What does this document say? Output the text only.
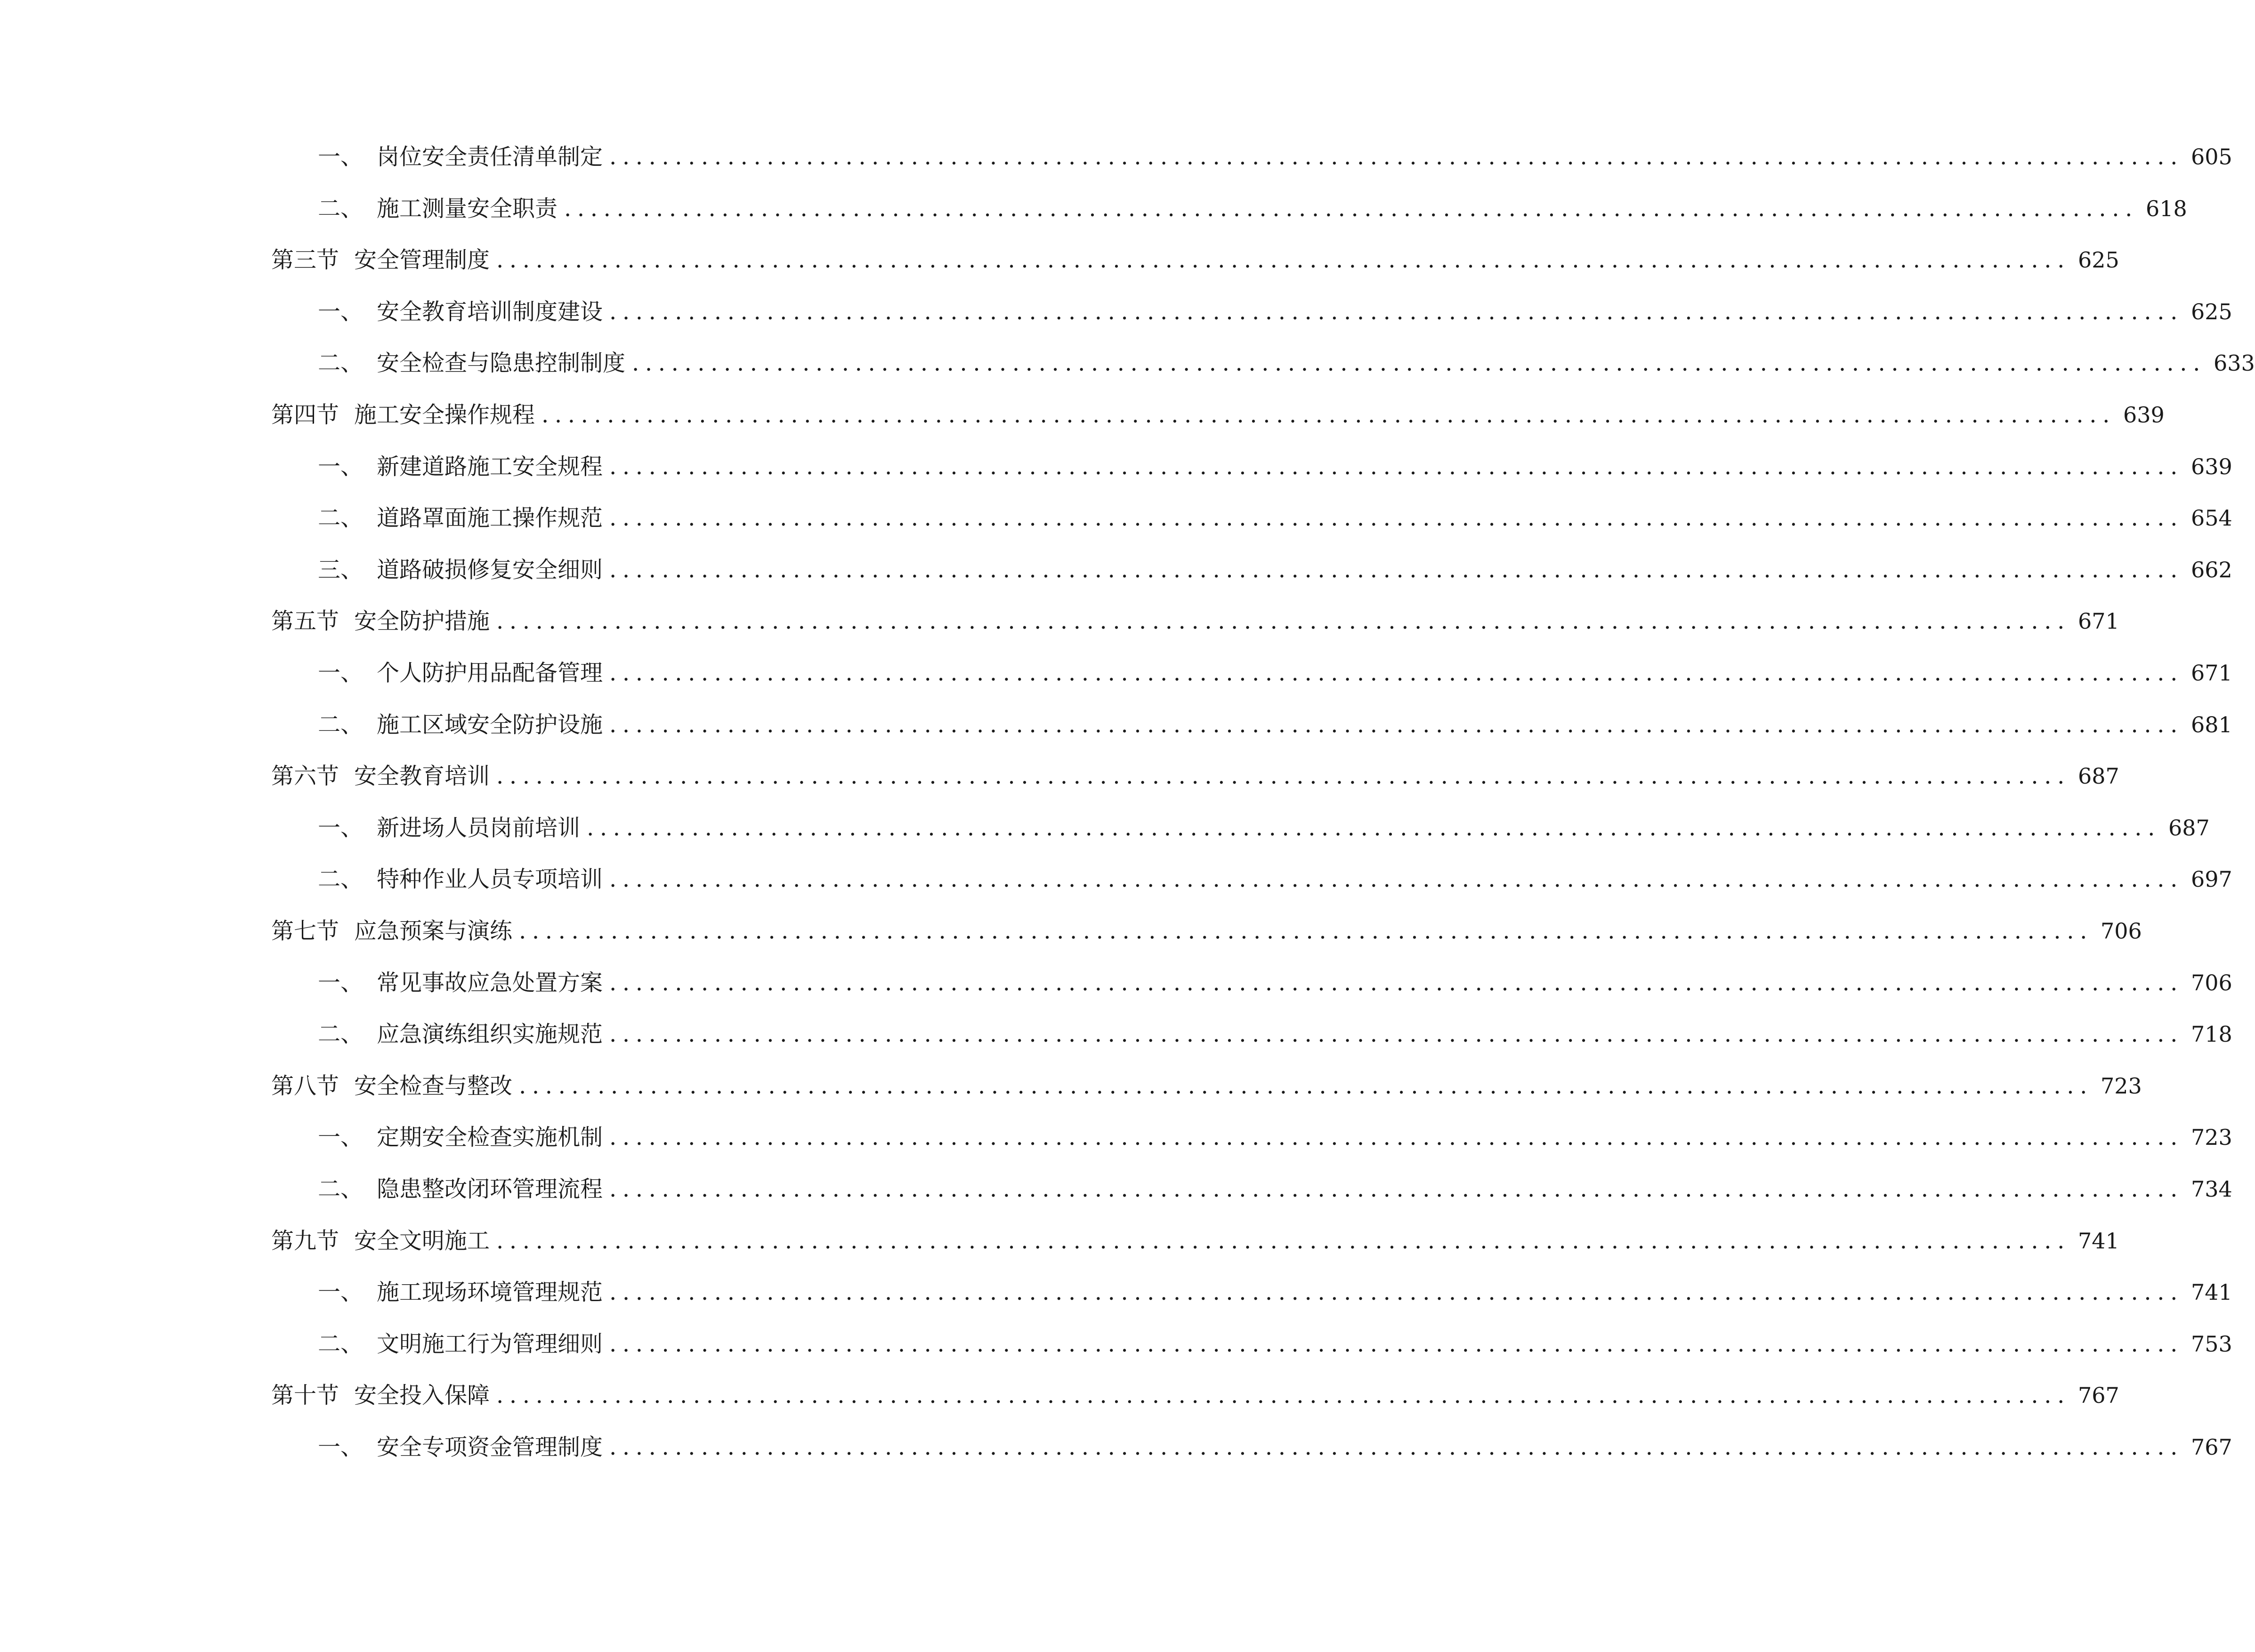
一、 岗位安全责任清单制定 ........................................................................................................................ 605
二、 施工测量安全职责 ........................................................................................................................ 618
第三节 安全管理制度 ........................................................................................................................ 625
一、 安全教育培训制度建设 ........................................................................................................................ 625
二、 安全检查与隐患控制制度 ........................................................................................................................ 633
第四节 施工安全操作规程 ........................................................................................................................ 639
一、 新建道路施工安全规程 ........................................................................................................................ 639
二、 道路罩面施工操作规范 ........................................................................................................................ 654
三、 道路破损修复安全细则 ........................................................................................................................ 662
第五节 安全防护措施 ........................................................................................................................ 671
一、 个人防护用品配备管理 ........................................................................................................................ 671
二、 施工区域安全防护设施 ........................................................................................................................ 681
第六节 安全教育培训 ........................................................................................................................ 687
一、 新进场人员岗前培训 ........................................................................................................................ 687
二、 特种作业人员专项培训 ........................................................................................................................ 697
第七节 应急预案与演练 ........................................................................................................................ 706
一、 常见事故应急处置方案 ........................................................................................................................ 706
二、 应急演练组织实施规范 ........................................................................................................................ 718
第八节 安全检查与整改 ........................................................................................................................ 723
一、 定期安全检查实施机制 ........................................................................................................................ 723
二、 隐患整改闭环管理流程 ........................................................................................................................ 734
第九节 安全文明施工 ........................................................................................................................ 741
一、 施工现场环境管理规范 ........................................................................................................................ 741
二、 文明施工行为管理细则 ........................................................................................................................ 753
第十节 安全投入保障 ........................................................................................................................ 767
一、 安全专项资金管理制度 ........................................................................................................................ 767
